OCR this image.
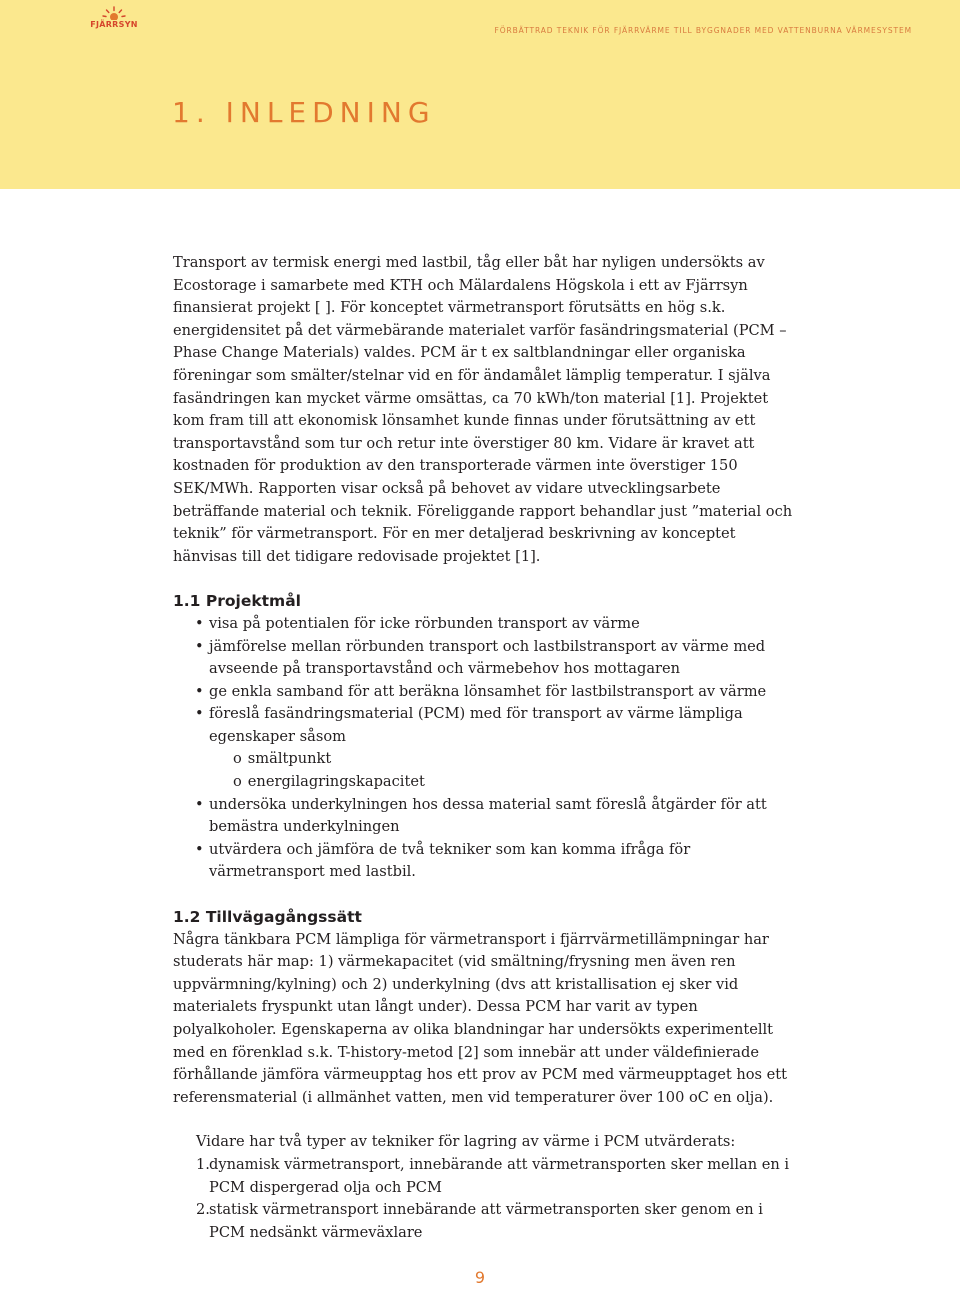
FJÄRRSYN
FÖRBÄTTRAD TEKNIK FÖR FJÄRRVÄRME TILL BYGGNADER MED VATTENBURNA VÄRMESYSTEM
1. INLEDNING

Transport av termisk energi med lastbil, tåg eller båt har nyligen undersökts av Ecostorage i samarbete med KTH och Mälardalens Högskola i ett av Fjärrsyn finansierat projekt [ ]. För konceptet värmetransport förutsätts en hög s.k. energidensitet på det värmebärande materialet varför fasändringsmaterial (PCM – Phase Change Materials) valdes. PCM är t ex saltblandningar eller organiska föreningar som smälter/stelnar vid en för ändamålet lämplig temperatur. I själva fasändringen kan mycket värme omsättas, ca 70 kWh/ton material [1]. Projektet kom fram till att ekonomisk lönsamhet kunde finnas under förutsättning av ett transportavstånd som tur och retur inte överstiger 80 km. Vidare är kravet att kostnaden för produktion av den transporterade värmen inte överstiger 150 SEK/MWh. Rapporten visar också på behovet av vidare utvecklingsarbete beträffande material och teknik. Föreliggande rapport behandlar just ”material och teknik” för värmetransport. För en mer detaljerad beskrivning av konceptet hänvisas till det tidigare redovisade projektet [1].

1.1 Projektmål
• visa på potentialen för icke rörbunden transport av värme
• jämförelse mellan rörbunden transport och lastbilstransport av värme med avseende på transportavstånd och värmebehov hos mottagaren
• ge enkla samband för att beräkna lönsamhet för lastbilstransport av värme
• föreslå fasändringsmaterial (PCM) med för transport av värme lämpliga egenskaper såsom
o smältpunkt
o energilagringskapacitet
• undersöka underkylningen hos dessa material samt föreslå åtgärder för att bemästra underkylningen
• utvärdera och jämföra de två tekniker som kan komma ifråga för värmetransport med lastbil.
1.2 Tillvägagångssätt

Några tänkbara PCM lämpliga för värmetransport i fjärrvärmetillämpningar har studerats här map: 1) värmekapacitet (vid smältning/frysning men även ren uppvärmning/kylning) och 2) underkylning (dvs att kristallisation ej sker vid materialets fryspunkt utan långt under). Dessa PCM har varit av typen polyalkoholer. Egenskaperna av olika blandningar har undersökts experimentellt med en förenklad s.k. T-history-metod [2] som innebär att under väldefinierade förhållande jämföra värmeupptag hos ett prov av PCM med värmeupptaget hos ett referensmaterial (i allmänhet vatten, men vid temperaturer över 100 oC en olja).

Vidare har två typer av tekniker för lagring av värme i PCM utvärderats:

1. dynamisk värmetransport, innebärande att värmetransporten sker mellan en i PCM dispergerad olja och PCM
2. statisk värmetransport innebärande att värmetransporten sker genom en i PCM nedsänkt värmeväxlare
9
